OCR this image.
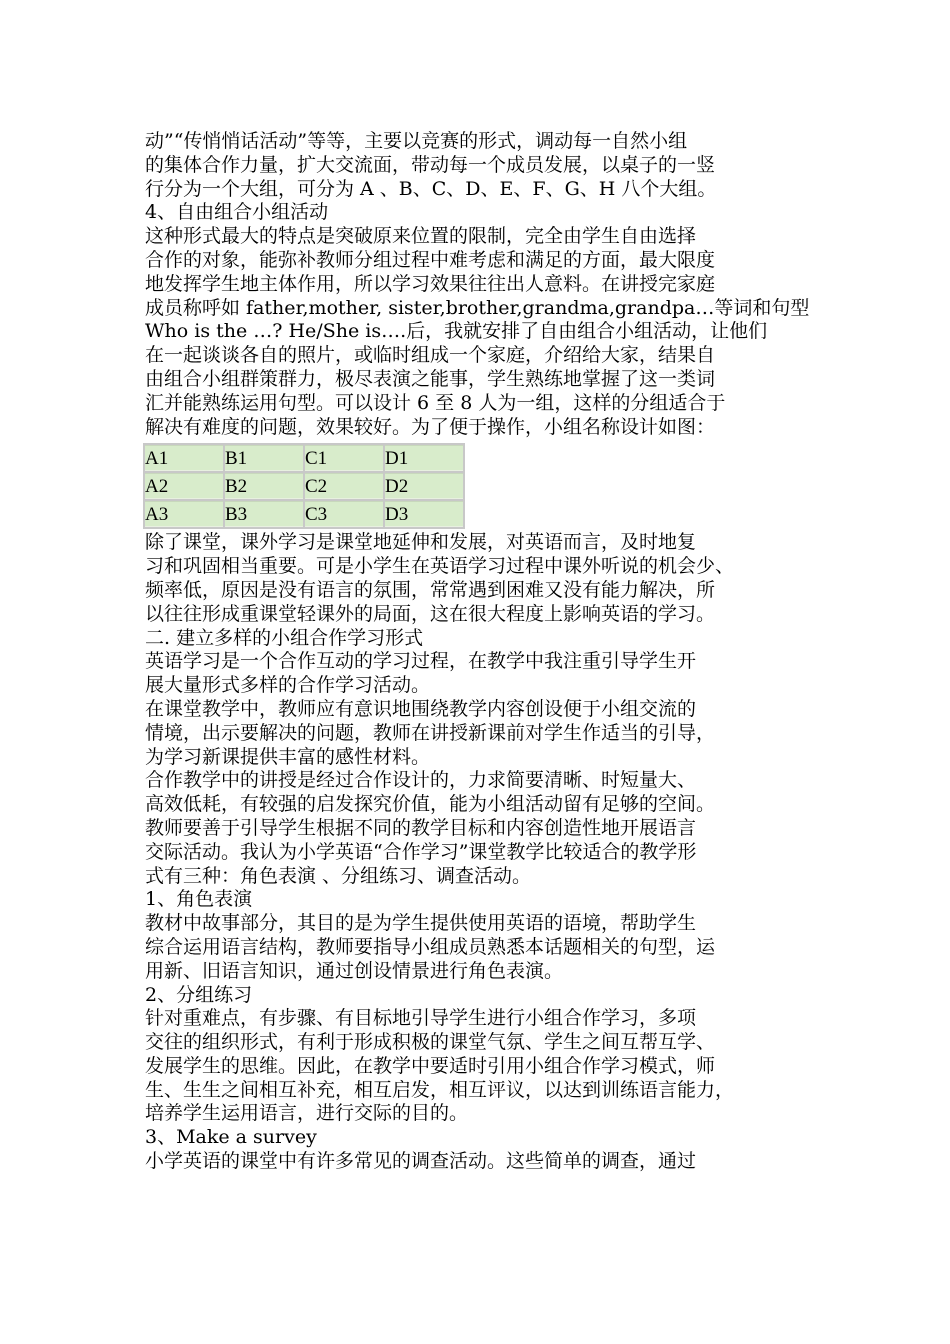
动”“传悄悄话活动”等等，主要以竞赛的形式，调动每一自然小组
的集体合作力量，扩大交流面，带动每一个成员发展，以桌子的一竖
行分为一个大组，可分为 A 、B、C、D、E、F、G、H 八个大组。

4、自由组合小组活动

这种形式最大的特点是突破原来位置的限制，完全由学生自由选择
合作的对象，能弥补教师分组过程中难考虑和满足的方面，最大限度
地发挥学生地主体作用，所以学习效果往往出人意料。在讲授完家庭
成员称呼如 father,mother, sister,brother,grandma,grandpa…等词和句型
Who is the …? He/She is….后，我就安排了自由组合小组活动，让他们
在一起谈谈各自的照片，或临时组成一个家庭，介绍给大家，结果自
由组合小组群策群力，极尽表演之能事，学生熟练地掌握了这一类词
汇并能熟练运用句型。可以设计 6 至 8 人为一组，这样的分组适合于
解决有难度的问题，效果较好。为了便于操作，小组名称设计如图：

A1	B1	C1	D1
A2	B2	C2	D2
A3	B3	C3	D3

除了课堂，课外学习是课堂地延伸和发展，对英语而言，及时地复
习和巩固相当重要。可是小学生在英语学习过程中课外听说的机会少、
频率低，原因是没有语言的氛围，常常遇到困难又没有能力解决，所
以往往形成重课堂轻课外的局面，这在很大程度上影响英语的学习。

二. 建立多样的小组合作学习形式

英语学习是一个合作互动的学习过程，在教学中我注重引导学生开
展大量形式多样的合作学习活动。

在课堂教学中，教师应有意识地围绕教学内容创设便于小组交流的
情境，出示要解决的问题，教师在讲授新课前对学生作适当的引导，
为学习新课提供丰富的感性材料。

合作教学中的讲授是经过合作设计的，力求简要清晰、时短量大、
高效低耗，有较强的启发探究价值，能为小组活动留有足够的空间。
教师要善于引导学生根据不同的教学目标和内容创造性地开展语言
交际活动。我认为小学英语“合作学习”课堂教学比较适合的教学形
式有三种：角色表演 、分组练习、调查活动。

1、角色表演

教材中故事部分，其目的是为学生提供使用英语的语境，帮助学生
综合运用语言结构，教师要指导小组成员熟悉本话题相关的句型，运
用新、旧语言知识，通过创设情景进行角色表演。

2、分组练习

针对重难点，有步骤、有目标地引导学生进行小组合作学习，多项
交往的组织形式，有利于形成积极的课堂气氛、学生之间互帮互学、
发展学生的思维。因此，在教学中要适时引用小组合作学习模式，师
生、生生之间相互补充，相互启发，相互评议，以达到训练语言能力，
培养学生运用语言，进行交际的目的。

3、Make a survey

小学英语的课堂中有许多常见的调查活动。这些简单的调查，通过
